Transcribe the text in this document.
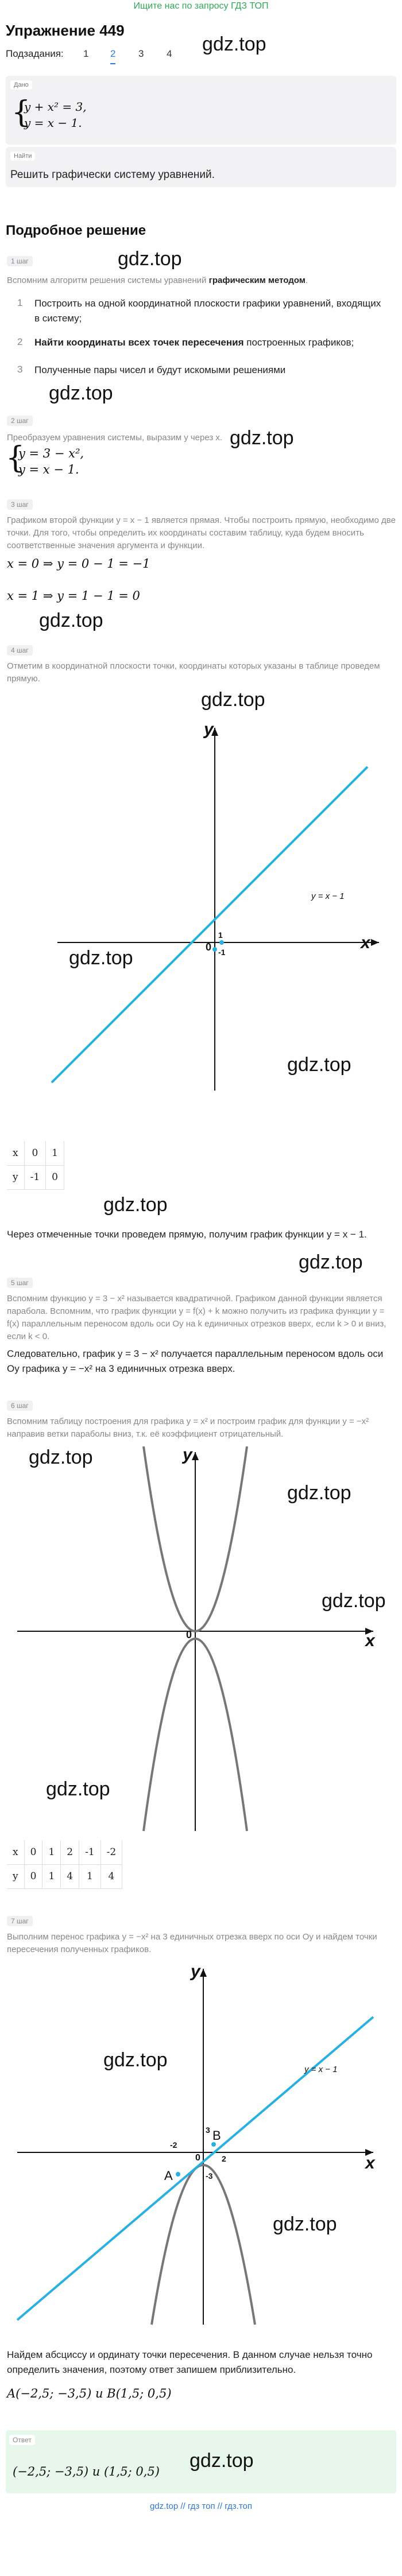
Ищите нас по запросу ГДЗ ТОП
Упражнение 449
gdz.top
Подзадания: 1 2 3 4
Дано
{
y + x² = 3,
y = x − 1.
Найти
Решить графически систему уравнений.
Подробное решение
1 шаг	gdz.top
Вспомним алгоритм решения системы уравнений графическим методом.
1 Построить на одной координатной плоскости графики уравнений, входящих в систему;
2 Найти координаты всех точек пересечения построенных графиков;
3 Полученные пары чисел и будут искомыми решениями
gdz.top
2 шаг
Преобразуем уравнения системы, выразим y через x. gdz.top
{
y = 3 − x²,
y = x − 1.
3 шаг
Графиком второй функции y = x − 1 является прямая. Чтобы построить прямую, необходимо две точки. Для того, чтобы определить их координаты составим таблицу, куда будем вносить соответственные значения аргумента и функции.
x = 0 ⇒ y = 0 − 1 = −1
x = 1 ⇒ y = 1 − 1 = 0
gdz.top
4 шаг
Отметим в координатной плоскости точки, координаты которых указаны в таблице проведем прямую.
gdz.top
x
y
y = x − 1
0
1
-1
gdz.top
gdz.top
x	0	1
y	-1	0
gdz.top
Через отмеченные точки проведем прямую, получим график функции y = x − 1.
gdz.top
5 шаг
Вспомним функцию y = 3 − x² называется квадратичной. Графиком данной функции является парабола. Вспомним, что график функции y = f(x) + k можно получить из графика функции y = f(x) параллельным переносом вдоль оси Oy на k единичных отрезков вверх, если k > 0 и вниз, если k < 0.
Следовательно, график y = 3 − x² получается параллельным переносом вдоль оси Oy графика y = −x² на 3 единичных отрезка вверх.
6 шаг
Вспомним таблицу построения для графика y = x² и построим график для функции y = −x² направив ветки параболы вниз, т.к. её коэффициент отрицательный.
gdz.top
gdz.top
y
x
0
gdz.top
gdz.top
x	0	1	2	-1	-2
y	0	1	4	1	4
7 шаг
Выполним перенос графика y = −x² на 3 единичных отрезка вверх по оси Oy и найдем точки пересечения полученных графиков.
gdz.top
gdz.top
y
x
y = x − 1
A
B
3
-3
2
-2
0
Найдем абсциссу и ординату точки пересечения. В данном случае нельзя точно определить значения, поэтому ответ запишем приблизительно.
A(−2,5; −3,5) и B(1,5; 0,5)
Ответ
(−2,5; −3,5) и (1,5; 0,5) gdz.top
gdz.top // гдз топ // гдз.топ
